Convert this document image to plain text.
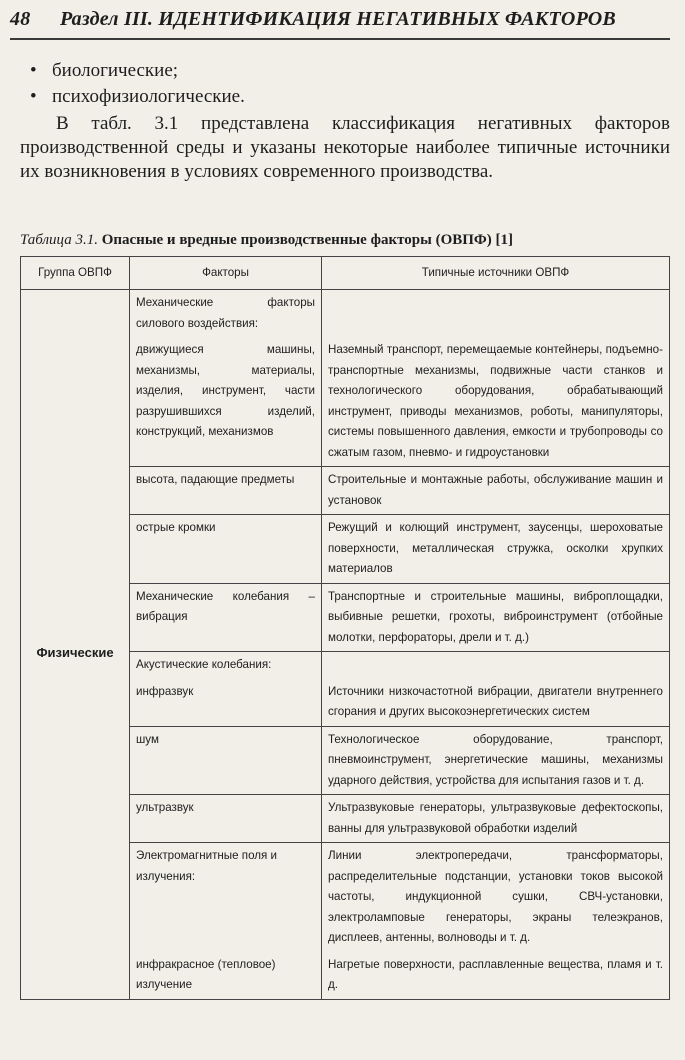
48 Раздел III. ИДЕНТИФИКАЦИЯ НЕГАТИВНЫХ ФАКТОРОВ
• биологические;
• психофизиологические.

В табл. 3.1 представлена классификация негативных факторов производственной среды и указаны некоторые наиболее типичные источники их возникновения в условиях современного производства.

Таблица 3.1. Опасные и вредные производственные факторы (ОВПФ) [1]
Группа ОВПФ	Факторы	Типичные источники ОВПФ
Физические	Механические факторы силового воздействия:	
	движущиеся машины, механизмы, материалы, изделия, инструмент, части разрушившихся изделий, конструкций, механизмов	Наземный транспорт, перемещаемые контейнеры, подъемно-транспортные механизмы, подвижные части станков и технологического оборудования, обрабатывающий инструмент, приводы механизмов, роботы, манипуляторы, системы повышенного давления, емкости и трубопроводы со сжатым газом, пневмо- и гидроустановки
	высота, падающие предметы	Строительные и монтажные работы, обслуживание машин и установок
	острые кромки	Режущий и колющий инструмент, заусенцы, шероховатые поверхности, металлическая стружка, осколки хрупких материалов
	Механические колебания – вибрация	Транспортные и строительные машины, виброплощадки, выбивные решетки, грохоты, виброинструмент (отбойные молотки, перфораторы, дрели и т. д.)
	Акустические колебания:	
	инфразвук	Источники низкочастотной вибрации, двигатели внутреннего сгорания и других высокоэнергетических систем
	шум	Технологическое оборудование, транспорт, пневмоинструмент, энергетические машины, механизмы ударного действия, устройства для испытания газов и т. д.
	ультразвук	Ультразвуковые генераторы, ультразвуковые дефектоскопы, ванны для ультразвуковой обработки изделий
	Электромагнитные поля и излучения:	Линии электропередачи, трансформаторы, распределительные подстанции, установки токов высокой частоты, индукционной сушки, СВЧ-установки, электроламповые генераторы, экраны телеэкранов, дисплеев, антенны, волноводы и т. д.
	инфракрасное (тепловое) излучение	Нагретые поверхности, расплавленные вещества, пламя и т. д.
